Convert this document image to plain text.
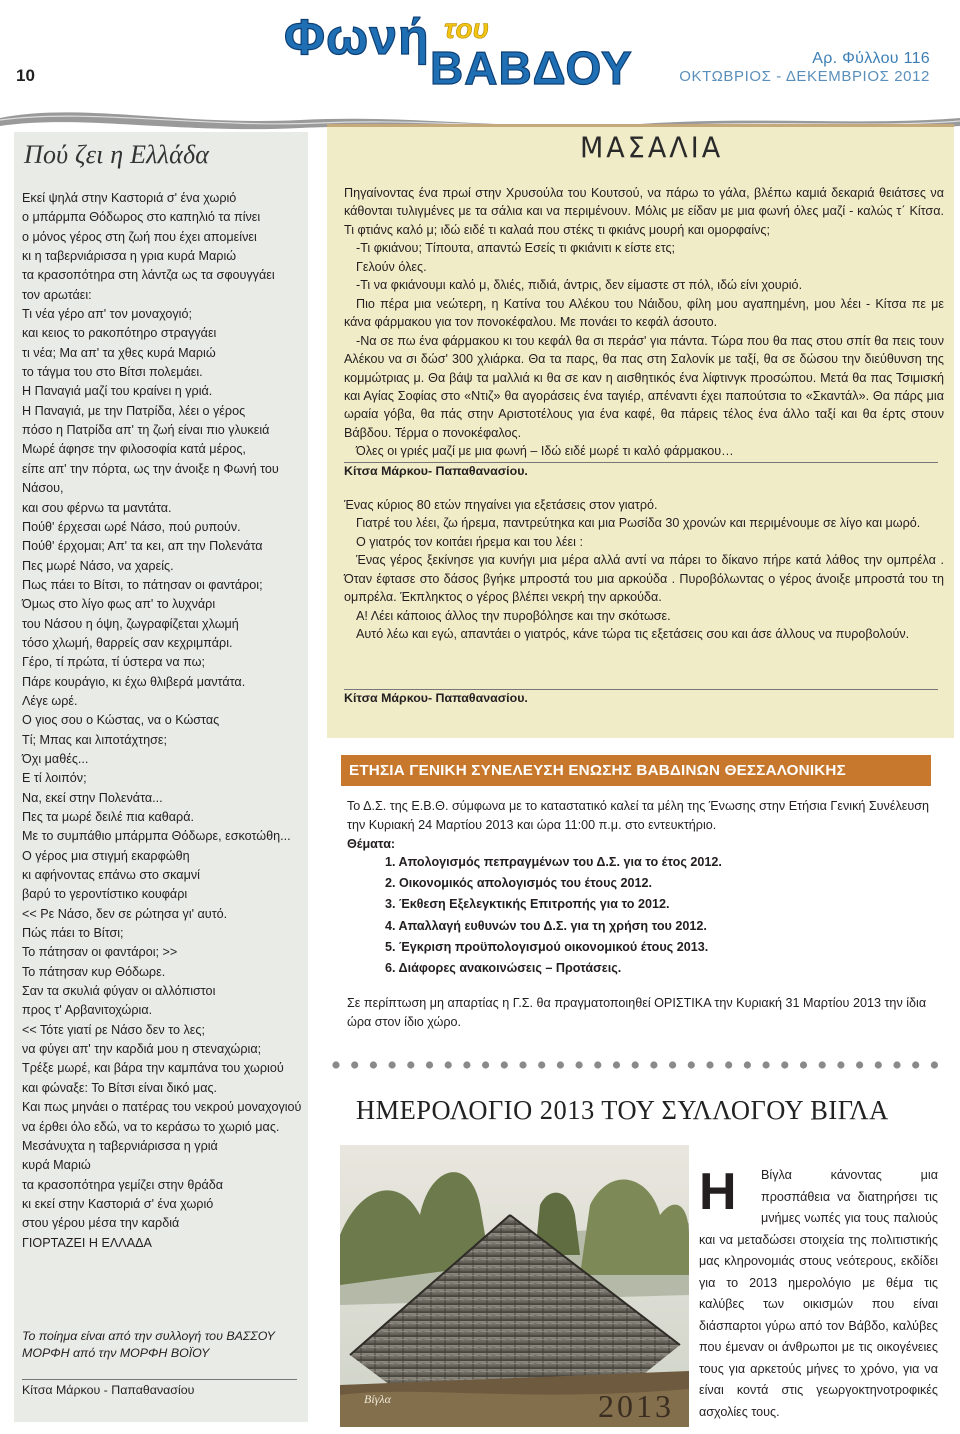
10
Φωνή του
ΒΑΒΔΟΥ	Αρ. Φύλλου 116
ΟΚΤΩΒΡΙΟΣ - ΔΕΚΕΜΒΡΙΟΣ 2012
Πού ζει η Ελλάδα
Εκεί ψηλά στην Καστοριά σ' ένα χωριό
ο μπάρμπα Θόδωρος στο καπηλιό τα πίνει
ο μόνος γέρος στη ζωή που έχει απομείνει
κι η ταβερνιάρισσα η γρια κυρά Μαριώ
τα κρασοπότηρα στη λάντζα ως τα σφουγγάει
τον αρωτάει:
Τι νέα γέρο απ' τον μοναχογιό;
και κειος το ρακοπότηρο στραγγάει
τι νέα; Μα απ' τα χθες κυρά Μαριώ
το τάγμα του στο Βίτσι πολεμάει.
Η Παναγιά μαζί του κραίνει η γριά.
Η Παναγιά, με την Πατρίδα, λέει ο γέρος
πόσο η Πατρίδα απ' τη ζωή είναι πιο γλυκειά
Μωρέ άφησε την φιλοσοφία κατά μέρος,
είπε απ' την πόρτα, ως την άνοιξε η Φωνή του Νάσου,
και σου φέρνω τα μαντάτα.
Πούθ' έρχεσαι ωρέ Νάσο, πού ρυπούν.
Πούθ' έρχομαι; Απ' τα κει, απ την Πολενάτα
Πες μωρέ Νάσο, να χαρείς.
Πως πάει το Βίτσι, το πάτησαν οι φαντάροι;
Όμως στο λίγο φως απ' το λυχνάρι
του Νάσου η όψη, ζωγραφίζεται χλωμή
τόσο χλωμή, θαρρείς σαν κεχριμπάρι.
Γέρο, τί πρώτα, τί ύστερα να πω;
Πάρε κουράγιο, κι έχω θλιβερά μαντάτα.
Λέγε ωρέ.
Ο γιος σου ο Κώστας, να ο Κώστας
Τί; Μπας και λιποτάχτησε;
Όχι μαθές...
Ε τί λοιπόν;
Να, εκεί στην Πολενάτα...
Πες τα μωρέ δειλέ πια καθαρά.
Με το συμπάθιο μπάρμπα Θόδωρε, εσκοτώθη...
Ο γέρος μια στιγμή εκαρφώθη
κι αφήνοντας επάνω στο σκαμνί
βαρύ το γεροντίστικο κουφάρι
<< Ρε Νάσο, δεν σε ρώτησα γι' αυτό.
Πώς πάει το Βίτσι;
Το πάτησαν οι φαντάροι; >>
Το πάτησαν κυρ Θόδωρε.
Σαν τα σκυλιά φύγαν οι αλλόπιστοι
προς τ' Αρβανιτοχώρια.
<< Τότε γιατί ρε Νάσο δεν το λες;
να φύγει απ' την καρδιά μου η στεναχώρια;
Τρέξε μωρέ, και βάρα την καμπάνα του χωριού
και φώναξε: Το Βίτσι είναι δικό μας.
Και πως μηνάει ο πατέρας του νεκρού μοναχογιού
να έρθει όλο εδώ, να το κεράσω το χωριό μας.
Μεσάνυχτα η ταβερνιάρισσα η γριά
κυρά Μαριώ
τα κρασοπότηρα γεμίζει στην θράδα
κι εκεί στην Καστοριά σ' ένα χωριό
στου γέρου μέσα την καρδιά
ΓΙΟΡΤΑΖΕΙ Η ΕΛΛΑΔΑ
Το ποίημα είναι από την συλλογή του ΒΑΣΣΟΥ ΜΟΡΦΗ από την ΜΟΡΦΗ ΒΟΪΟΥ
Κίτσα Μάρκου - Παπαθανασίου
ΜΑΣΑΛΙΑ

Πηγαίνοντας ένα πρωί στην Χρυσούλα του Κουτσού, να πάρω το γάλα, βλέπω καμιά δεκαριά θειάτσες να κάθονται τυλιγμένες με τα σάλια και να περιμένουν. Μόλις με είδαν με μια φωνή όλες μαζί - καλώς τ΄ Κίτσα. Τι φτιάνς καλό μ; ιδώ ειδέ τι καλαά που στέκς τι φκιάνς μουρή και ομορφαίνς;

-Τι φκιάνου; Τίπουτα, απαντώ Εσείς τι φκιάνιτι κ είστε ετς;

Γελούν όλες.

-Τι να φκιάνουμι καλό μ, δλιές, πιδιά, άντρις, δεν είμαστε στ πόλ, ιδώ είνι χουριό.

Πιο πέρα μια νεώτερη, η Κατίνα του Αλέκου του Νάιδου, φίλη μου αγαπημένη, μου λέει - Κίτσα πε με κάνα φάρμακου για τον πονοκέφαλου. Με πονάει το κεφάλ άσουτο.

-Να σε πω ένα φάρμακου κι του κεφάλ θα σι περάσ' για πάντα. Τώρα που θα πας στου σπίτ θα πεις τουν Αλέκου να σι δώσ' 300 χλιάρκα. Θα τα παρς, θα πας στη Σαλονίκ με ταξί, θα σε δώσου την διεύθυνση της κομμώτριας μ. Θα βάψ τα μαλλιά κι θα σε καν η αισθητικός ένα λίφτινγκ προσώπου. Μετά θα πας Τσιμισκή και Αγίας Σοφίας στο «Ντιζ» θα αγοράσεις ένα ταγιέρ, απέναντι έχει παπούτσια το «Σκαντάλ». Θα πάρς μια ωραία γόβα, θα πάς στην Αριστοτέλους για ένα καφέ, θα πάρεις τέλος ένα άλλο ταξί και θα έρτς στουν Βάβδου. Τέρμα ο πονοκέφαλος.

Όλες οι γριές μαζί με μια φωνή – Ιδώ ειδέ μωρέ τι καλό φάρμακου…

Κίτσα Μάρκου- Παπαθανασίου.

Ένας κύριος 80 ετών πηγαίνει για εξετάσεις στον γιατρό.

Γιατρέ του λέει, ζω ήρεμα, παντρεύτηκα και μια Ρωσίδα 30 χρονών και περιμένουμε σε λίγο και μωρό.

Ο γιατρός τον κοιτάει ήρεμα και του λέει :

Ένας γέρος ξεκίνησε για κυνήγι μια μέρα αλλά αντί να πάρει το δίκανο πήρε κατά λάθος την ομπρέλα . Όταν έφτασε στο δάσος βγήκε μπροστά του μια αρκούδα . Πυροβόλωντας ο γέρος άνοιξε μπροστά του τη ομπρέλα. Έκπληκτος ο γέρος βλέπει νεκρή την αρκούδα.

Α! Λέει κάποιος άλλος την πυροβόλησε και την σκότωσε.

Αυτό λέω και εγώ, απαντάει ο γιατρός, κάνε τώρα τις εξετάσεις σου και άσε άλλους να πυροβολούν.

Κίτσα Μάρκου- Παπαθανασίου.
ΕΤΗΣΙΑ ΓΕΝΙΚΗ ΣΥΝΕΛΕΥΣΗ ΕΝΩΣΗΣ ΒΑΒΔΙΝΩΝ ΘΕΣΣΑΛΟΝΙΚΗΣ
Το Δ.Σ. της Ε.Β.Θ. σύμφωνα με το καταστατικό καλεί τα μέλη της Ένωσης στην Ετήσια Γενική Συνέλευση την Κυριακή 24 Μαρτίου 2013 και ώρα 11:00 π.μ. στο εντευκτήριο.
Θέματα:
1. Απολογισμός πεπραγμένων του Δ.Σ. για το έτος 2012.
2. Οικονομικός απολογισμός του έτους 2012.
3. Έκθεση Εξελεγκτικής Επιτροπής για το 2012.
4. Απαλλαγή ευθυνών του Δ.Σ. για τη χρήση του 2012.
5. Έγκριση προϋπολογισμού οικονομικού έτους 2013.
6. Διάφορες ανακοινώσεις – Προτάσεις.
Σε περίπτωση μη απαρτίας η Γ.Σ. θα πραγματοποιηθεί ΟΡΙΣΤΙΚΑ την Κυριακή 31 Μαρτίου 2013 την ίδια ώρα στον ίδιο χώρο.
ΗΜΕΡΟΛΟΓΙΟ 2013 ΤΟΥ ΣΥΛΛΟΓΟΥ ΒΙΓΛΑ
Βίγλα	2013
Η	Βίγλα κάνοντας μια προσπάθεια να διατηρήσει τις μνήμες νωπές για τους παλιούς και να μεταδώσει στοιχεία της πολιτιστικής μας κληρονομιάς στους νεότερους, εκδίδει για το 2013 ημερολόγιο με θέμα τις καλύβες των οικισμών που είναι διάσπαρτοι γύρω από τον Βάβδο, καλύβες που έμεναν οι άνθρωποι με τις οικογένειες τους για αρκετούς μήνες το χρόνο, για να είναι κοντά στις γεωργοκτηνοτροφικές ασχολίες τους.
